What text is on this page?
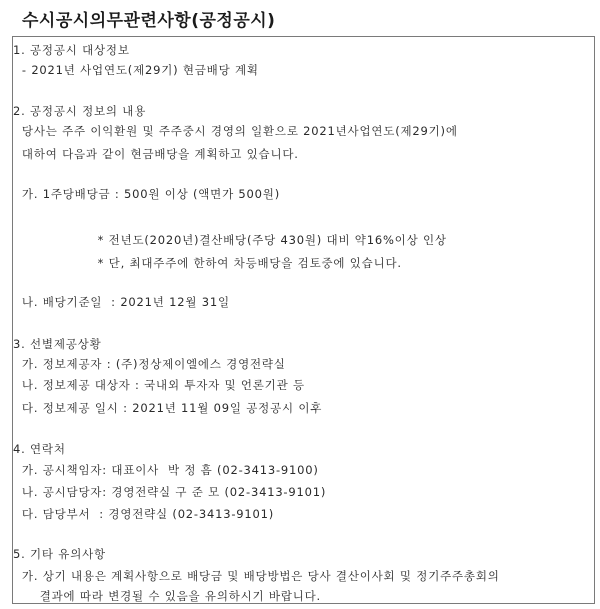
수시공시의무관련사항(공정공시)
1. 공정공시 대상정보
- 2021년 사업연도(제29기) 현금배당 계획
2. 공정공시 정보의 내용
당사는 주주 이익환원 및 주주중시 경영의 일환으로 2021년사업연도(제29기)에
대하여 다음과 같이 현금배당을 계획하고 있습니다.
가. 1주당배당금 : 500원 이상 (액면가 500원)
* 전년도(2020년)결산배당(주당 430원) 대비 약16%이상 인상
* 단, 최대주주에 한하여 차등배당을 검토중에 있습니다.
나. 배당기준일  : 2021년 12월 31일
3. 선별제공상황
가. 정보제공자 : (주)정상제이엘에스 경영전략실
나. 정보제공 대상자 : 국내외 투자자 및 언론기관 등
다. 정보제공 일시 : 2021년 11월 09일 공정공시 이후
4. 연락처
가. 공시책임자: 대표이사  박 정 흠 (02-3413-9100)
나. 공시담당자: 경영전략실 구 준 모 (02-3413-9101)
다. 담당부서  : 경영전략실 (02-3413-9101)
5. 기타 유의사항
가. 상기 내용은 계획사항으로 배당금 및 배당방법은 당사 결산이사회 및 정기주주총회의
결과에 따라 변경될 수 있음을 유의하시기 바랍니다.
